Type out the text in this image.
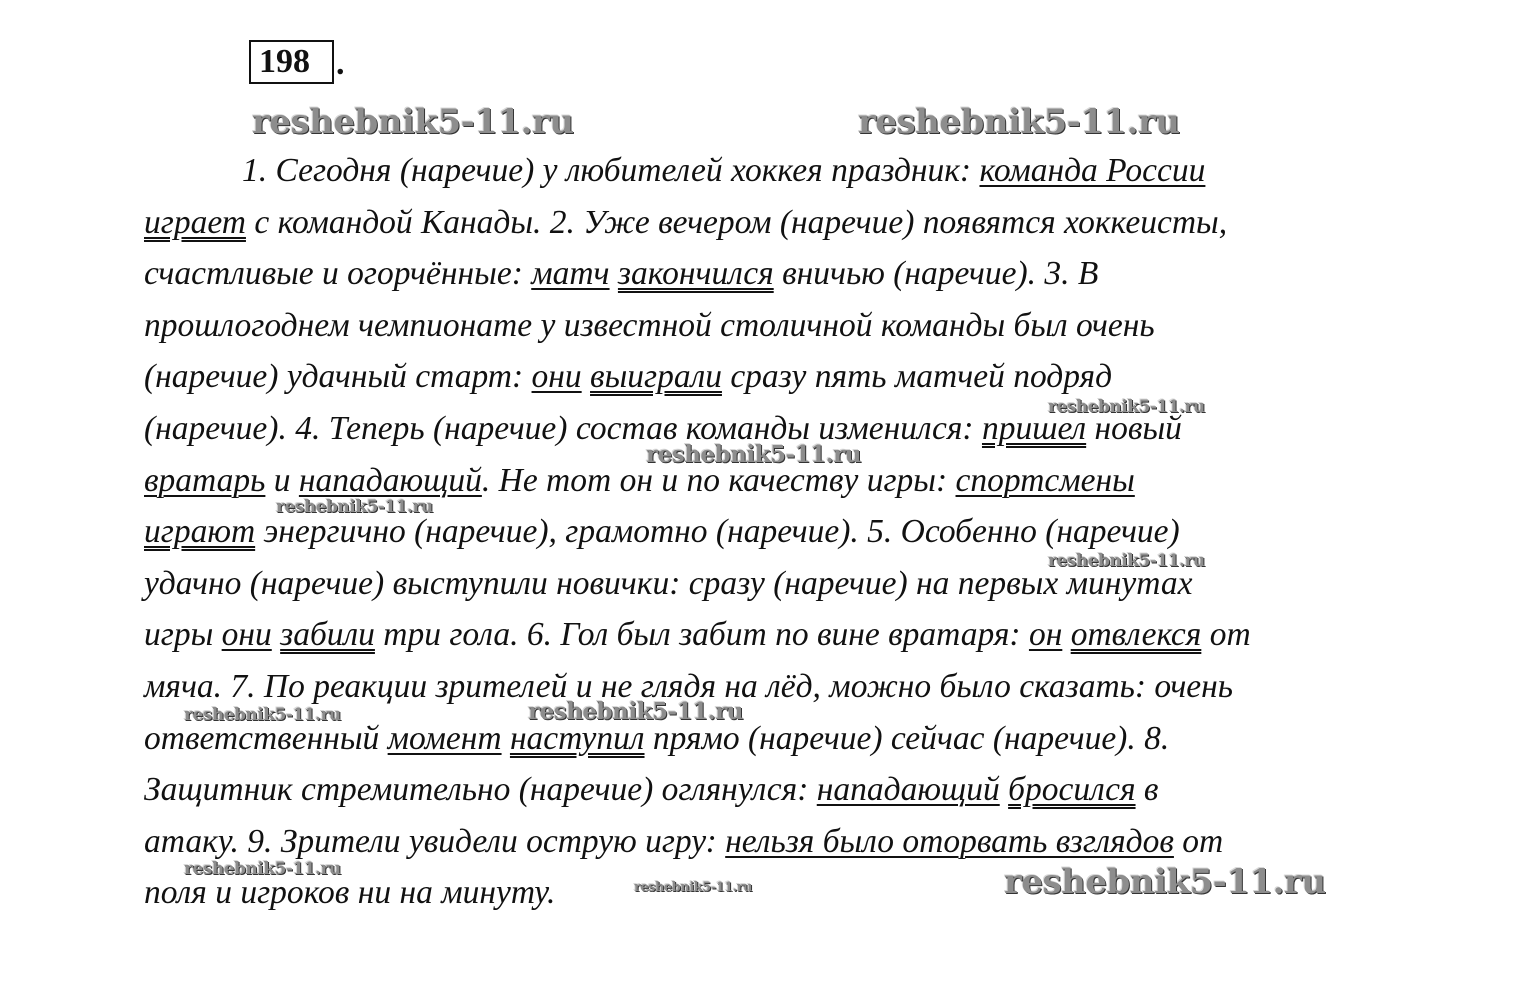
198 .
1. Сегодня (наречие) у любителей хоккея праздник: команда России
играет с командой Канады. 2. Уже вечером (наречие) появятся хоккеисты,
счастливые и огорчённые: матч закончился вничью (наречие). 3. В
прошлогоднем чемпионате у известной столичной команды был очень
(наречие) удачный старт: они выиграли сразу пять матчей подряд
(наречие). 4. Теперь (наречие) состав команды изменился: пришел новый
вратарь и нападающий. Не тот он и по качеству игры: спортсмены
играют энергично (наречие), грамотно (наречие). 5. Особенно (наречие)
удачно (наречие) выступили новички: сразу (наречие) на первых минутах
игры они забили три гола. 6. Гол был забит по вине вратаря: он отвлекся от
мяча. 7. По реакции зрителей и не глядя на лёд, можно было сказать: очень
ответственный момент наступил прямо (наречие) сейчас (наречие). 8.
Защитник стремительно (наречие) оглянулся: нападающий бросился в
атаку. 9. Зрители увидели острую игру: нельзя было оторвать взглядов от
поля и игроков ни на минуту.
reshebnik5-11.ru	reshebnik5-11.ru
reshebnik5-11.ru
reshebnik5-11.ru
reshebnik5-11.ru
reshebnik5-11.ru
reshebnik5-11.ru	reshebnik5-11.ru
reshebnik5-11.ru
reshebnik5-11.ru	reshebnik5-11.ru
